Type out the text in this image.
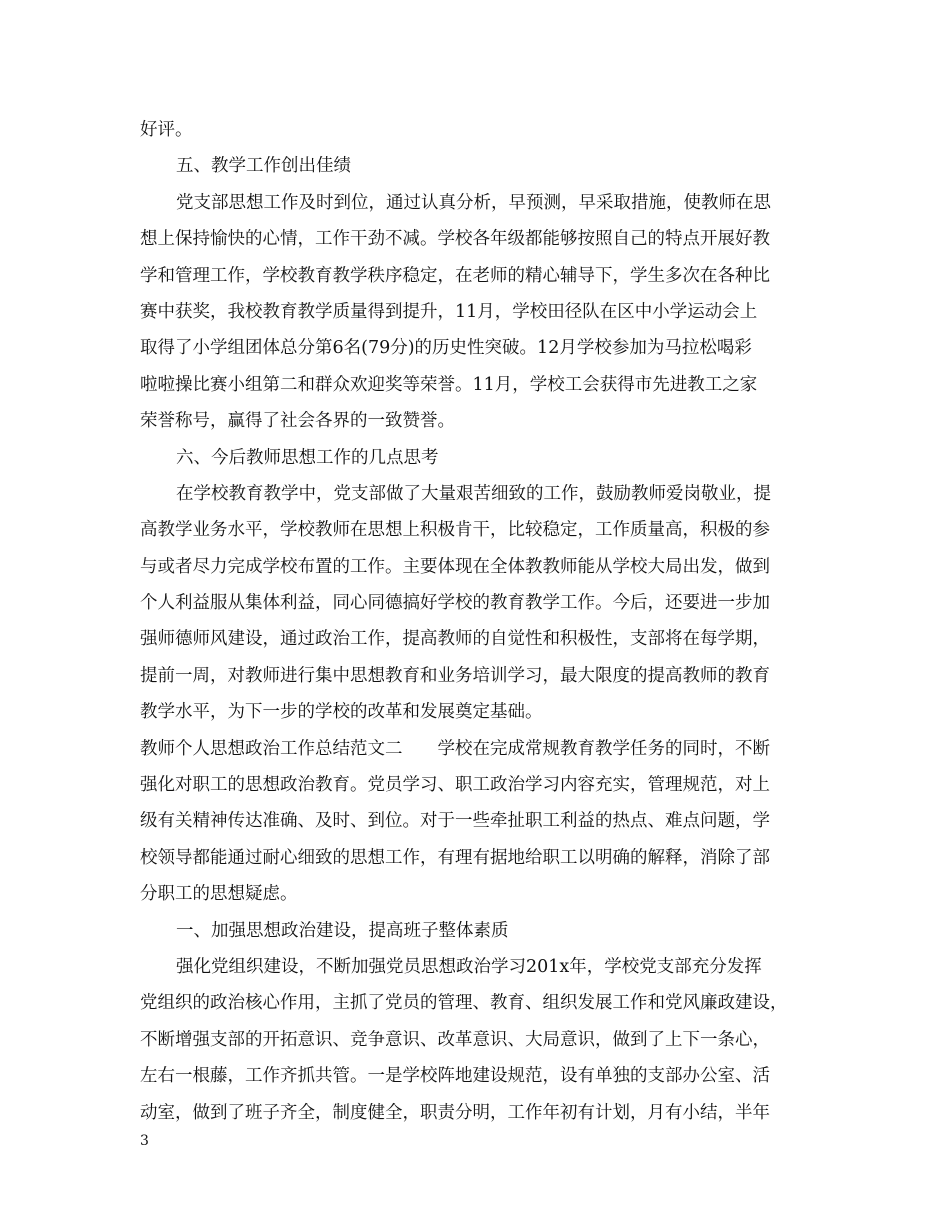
好评。
五、教学工作创出佳绩
党支部思想工作及时到位，通过认真分析，早预测，早采取措施，使教师在思
想上保持愉快的心情，工作干劲不减。学校各年级都能够按照自己的特点开展好教
学和管理工作，学校教育教学秩序稳定，在老师的精心辅导下，学生多次在各种比
赛中获奖，我校教育教学质量得到提升，11月，学校田径队在区中小学运动会上
取得了小学组团体总分第6名(79分)的历史性突破。12月学校参加为马拉松喝彩
啦啦操比赛小组第二和群众欢迎奖等荣誉。11月，学校工会获得市先进教工之家
荣誉称号，赢得了社会各界的一致赞誉。
六、今后教师思想工作的几点思考
在学校教育教学中，党支部做了大量艰苦细致的工作，鼓励教师爱岗敬业，提
高教学业务水平，学校教师在思想上积极肯干，比较稳定，工作质量高，积极的参
与或者尽力完成学校布置的工作。主要体现在全体教教师能从学校大局出发，做到
个人利益服从集体利益，同心同德搞好学校的教育教学工作。今后，还要进一步加
强师德师风建设，通过政治工作，提高教师的自觉性和积极性，支部将在每学期，
提前一周，对教师进行集中思想教育和业务培训学习，最大限度的提高教师的教育
教学水平，为下一步的学校的改革和发展奠定基础。
教师个人思想政治工作总结范文二　　学校在完成常规教育教学任务的同时，不断
强化对职工的思想政治教育。党员学习、职工政治学习内容充实，管理规范，对上
级有关精神传达准确、及时、到位。对于一些牵扯职工利益的热点、难点问题，学
校领导都能通过耐心细致的思想工作，有理有据地给职工以明确的解释，消除了部
分职工的思想疑虑。
一、加强思想政治建设，提高班子整体素质
强化党组织建设，不断加强党员思想政治学习201x年，学校党支部充分发挥
党组织的政治核心作用，主抓了党员的管理、教育、组织发展工作和党风廉政建设，
不断增强支部的开拓意识、竞争意识、改革意识、大局意识，做到了上下一条心，
左右一根藤，工作齐抓共管。一是学校阵地建设规范，设有单独的支部办公室、活
动室，做到了班子齐全，制度健全，职责分明，工作年初有计划，月有小结，半年
3
